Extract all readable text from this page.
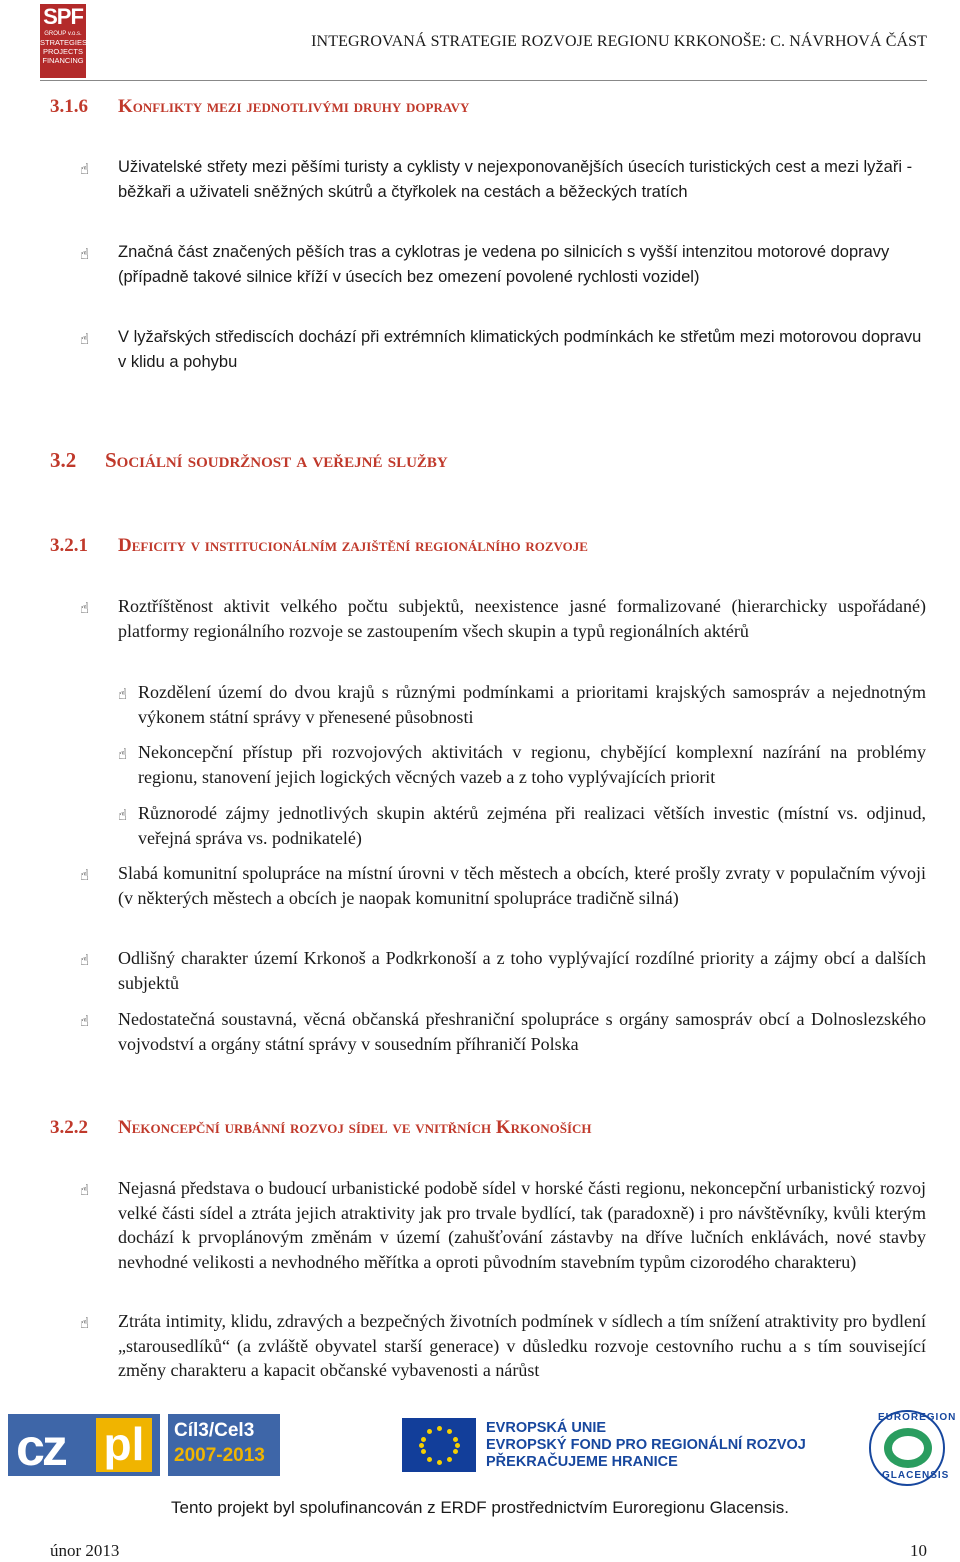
SPF
GROUP v.o.s.
STRATEGIES
PROJECTS
FINANCING
INTEGROVANÁ STRATEGIE ROZVOJE REGIONU KRKONOŠE: C. NÁVRHOVÁ ČÁST
3.1.6 Konflikty mezi jednotlivými druhy dopravy
☝ Uživatelské střety mezi pěšími turisty a cyklisty v nejexponovanějších úsecích turistických cest a mezi lyžaři - běžkaři a uživateli sněžných skútrů a čtyřkolek na cestách a běžeckých tratích
☝ Značná část značených pěších tras a cyklotras je vedena po silnicích s vyšší intenzitou motorové dopravy (případně takové silnice kříží v úsecích bez omezení povolené rychlosti vozidel)
☝ V lyžařských střediscích dochází při extrémních klimatických podmínkách ke střetům mezi motorovou dopravu v klidu a pohybu
3.2 Sociální soudržnost a veřejné služby
3.2.1 Deficity v institucionálním zajištění regionálního rozvoje
☝ Roztříštěnost aktivit velkého počtu subjektů, neexistence jasné formalizované (hierarchicky uspořádané) platformy regionálního rozvoje se zastoupením všech skupin a typů regionálních aktérů
☝ Rozdělení území do dvou krajů s různými podmínkami a prioritami krajských samospráv a nejednotným výkonem státní správy v přenesené působnosti
☝ Nekoncepční přístup při rozvojových aktivitách v regionu, chybějící komplexní nazírání na problémy regionu, stanovení jejich logických věcných vazeb a z toho vyplývajících priorit
☝ Různorodé zájmy jednotlivých skupin aktérů zejména při realizaci větších investic (místní vs. odjinud, veřejná správa vs. podnikatelé)
☝ Slabá komunitní spolupráce na místní úrovni v těch městech a obcích, které prošly zvraty v populačním vývoji (v některých městech a obcích je naopak komunitní spolupráce tradičně silná)
☝ Odlišný charakter území Krkonoš a Podkrkonoší a z toho vyplývající rozdílné priority a zájmy obcí a dalších subjektů
☝ Nedostatečná soustavná, věcná občanská přeshraniční spolupráce s orgány samospráv obcí a Dolnoslezského vojvodství a orgány státní správy v sousedním příhraničí Polska
3.2.2 Nekoncepční urbánní rozvoj sídel ve vnitřních Krkonoších
☝ Nejasná představa o budoucí urbanistické podobě sídel v horské části regionu, nekoncepční urbanistický rozvoj velké části sídel a ztráta jejich atraktivity jak pro trvale bydlící, tak (paradoxně) i pro návštěvníky, kvůli kterým dochází k prvoplánovým změnám v území (zahušťování zástavby na dříve lučních enklávách, nové stavby nevhodné velikosti a nevhodného měřítka a oproti původním stavebním typům cizorodého charakteru)
☝ Ztráta intimity, klidu, zdravých a bezpečných životních podmínek v sídlech a tím snížení atraktivity pro bydlení „starousedlíků“ (a zvláště obyvatel starší generace) v důsledku rozvoje cestovního ruchu a s tím související změny charakteru a kapacit občanské vybavenosti a nárůst
cz pl	Cíl3/Cel3
2007-2013
EVROPSKÁ UNIE
EVROPSKÝ FOND PRO REGIONÁLNÍ ROZVOJ
PŘEKRAČUJEME HRANICE
EUROREGION
GLACENSIS
Tento projekt byl spolufinancován z ERDF prostřednictvím Euroregionu Glacensis.
únor 2013	10
